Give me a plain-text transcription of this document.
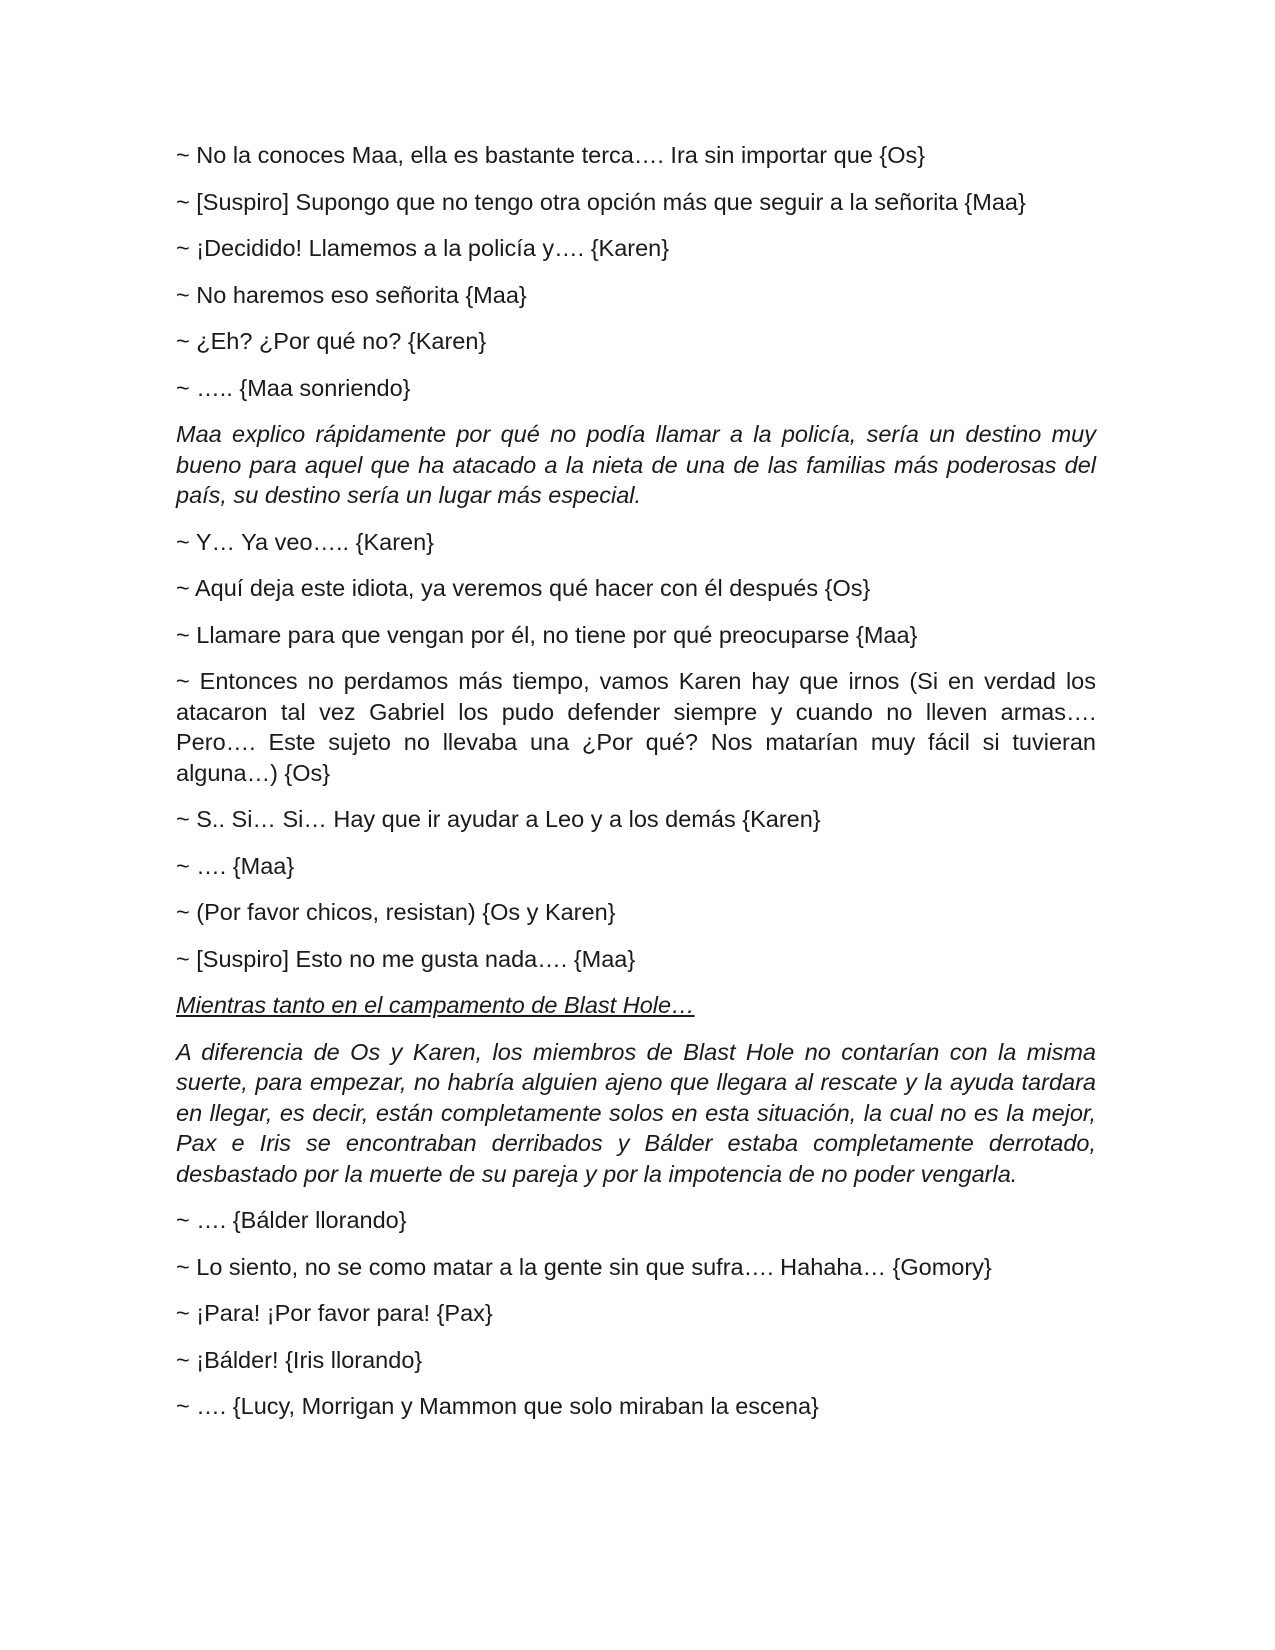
~ No la conoces Maa, ella es bastante terca…. Ira sin importar que {Os}

~ [Suspiro] Supongo que no tengo otra opción más que seguir a la señorita {Maa}

~ ¡Decidido! Llamemos a la policía y…. {Karen}

~ No haremos eso señorita {Maa}

~ ¿Eh? ¿Por qué no? {Karen}

~ ….. {Maa sonriendo}

Maa explico rápidamente por qué no podía llamar a la policía, sería un destino muy bueno para aquel que ha atacado a la nieta de una de las familias más poderosas del país, su destino sería un lugar más especial.

~ Y… Ya veo….. {Karen}

~ Aquí deja este idiota, ya veremos qué hacer con él después {Os}

~ Llamare para que vengan por él, no tiene por qué preocuparse {Maa}

~ Entonces no perdamos más tiempo, vamos Karen hay que irnos (Si en verdad los atacaron tal vez Gabriel los pudo defender siempre y cuando no lleven armas…. Pero…. Este sujeto no llevaba una ¿Por qué? Nos matarían muy fácil si tuvieran alguna…) {Os}

~ S.. Si… Si… Hay que ir ayudar a Leo y a los demás {Karen}

~ …. {Maa}

~ (Por favor chicos, resistan) {Os y Karen}

~ [Suspiro] Esto no me gusta nada…. {Maa}

Mientras tanto en el campamento de Blast Hole…

A diferencia de Os y Karen, los miembros de Blast Hole no contarían con la misma suerte, para empezar, no habría alguien ajeno que llegara al rescate y la ayuda tardara en llegar, es decir, están completamente solos en esta situación, la cual no es la mejor, Pax e Iris se encontraban derribados y Bálder estaba completamente derrotado, desbastado por la muerte de su pareja y por la impotencia de no poder vengarla.

~ …. {Bálder llorando}

~ Lo siento, no se como matar a la gente sin que sufra…. Hahaha… {Gomory}

~ ¡Para! ¡Por favor para! {Pax}

~ ¡Bálder! {Iris llorando}

~ …. {Lucy, Morrigan y Mammon que solo miraban la escena}
